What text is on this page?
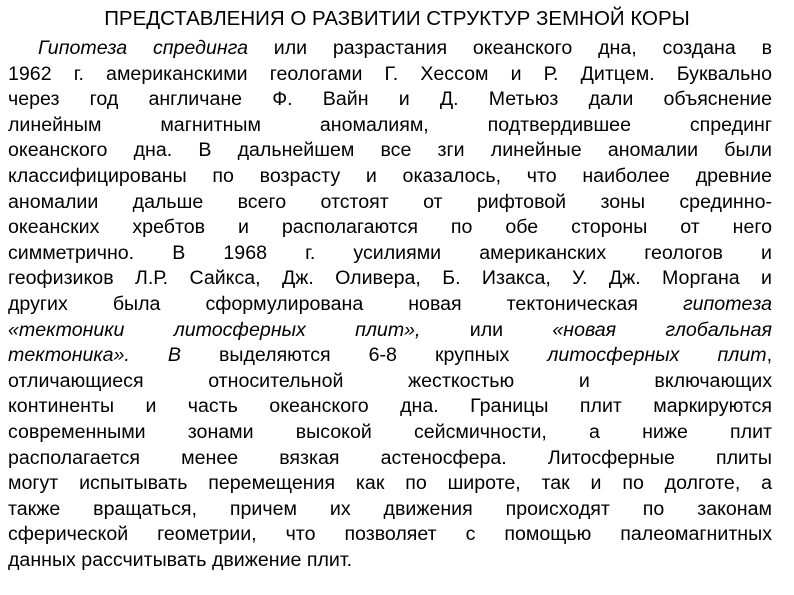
ПРЕДСТАВЛЕНИЯ О РАЗВИТИИ СТРУКТУР ЗЕМНОЙ КОРЫ
Гипотеза спрединга или разрастания океанского дна, создана в
1962 г. американскими геологами Г. Хессом и Р. Дитцем. Буквально
через год англичане Ф. Вайн и Д. Метьюз дали объяснение
линейным магнитным аномалиям, подтвердившее спрединг
океанского дна. В дальнейшем все зги линейные аномалии были
классифицированы по возрасту и оказалось, что наиболее древние
аномалии дальше всего отстоят от рифтовой зоны срединно-
океанских хребтов и располагаются по обе стороны от него
симметрично. В 1968 г. усилиями американских геологов и
геофизиков Л.Р. Сайкса, Дж. Оливера, Б. Изакса, У. Дж. Моргана и
других была сформулирована новая тектоническая гипотеза
«тектоники литосферных плит», или «новая глобальная
тектоника». В выделяются 6-8 крупных литосферных плит,
отличающиеся относительной жесткостью и включающих
континенты и часть океанского дна. Границы плит маркируются
современными зонами высокой сейсмичности, а ниже плит
располагается менее вязкая астеносфера. Литосферные плиты
могут испытывать перемещения как по широте, так и по долготе, а
также вращаться, причем их движения происходят по законам
сферической геометрии, что позволяет с помощью палеомагнитных
данных рассчитывать движение плит.
